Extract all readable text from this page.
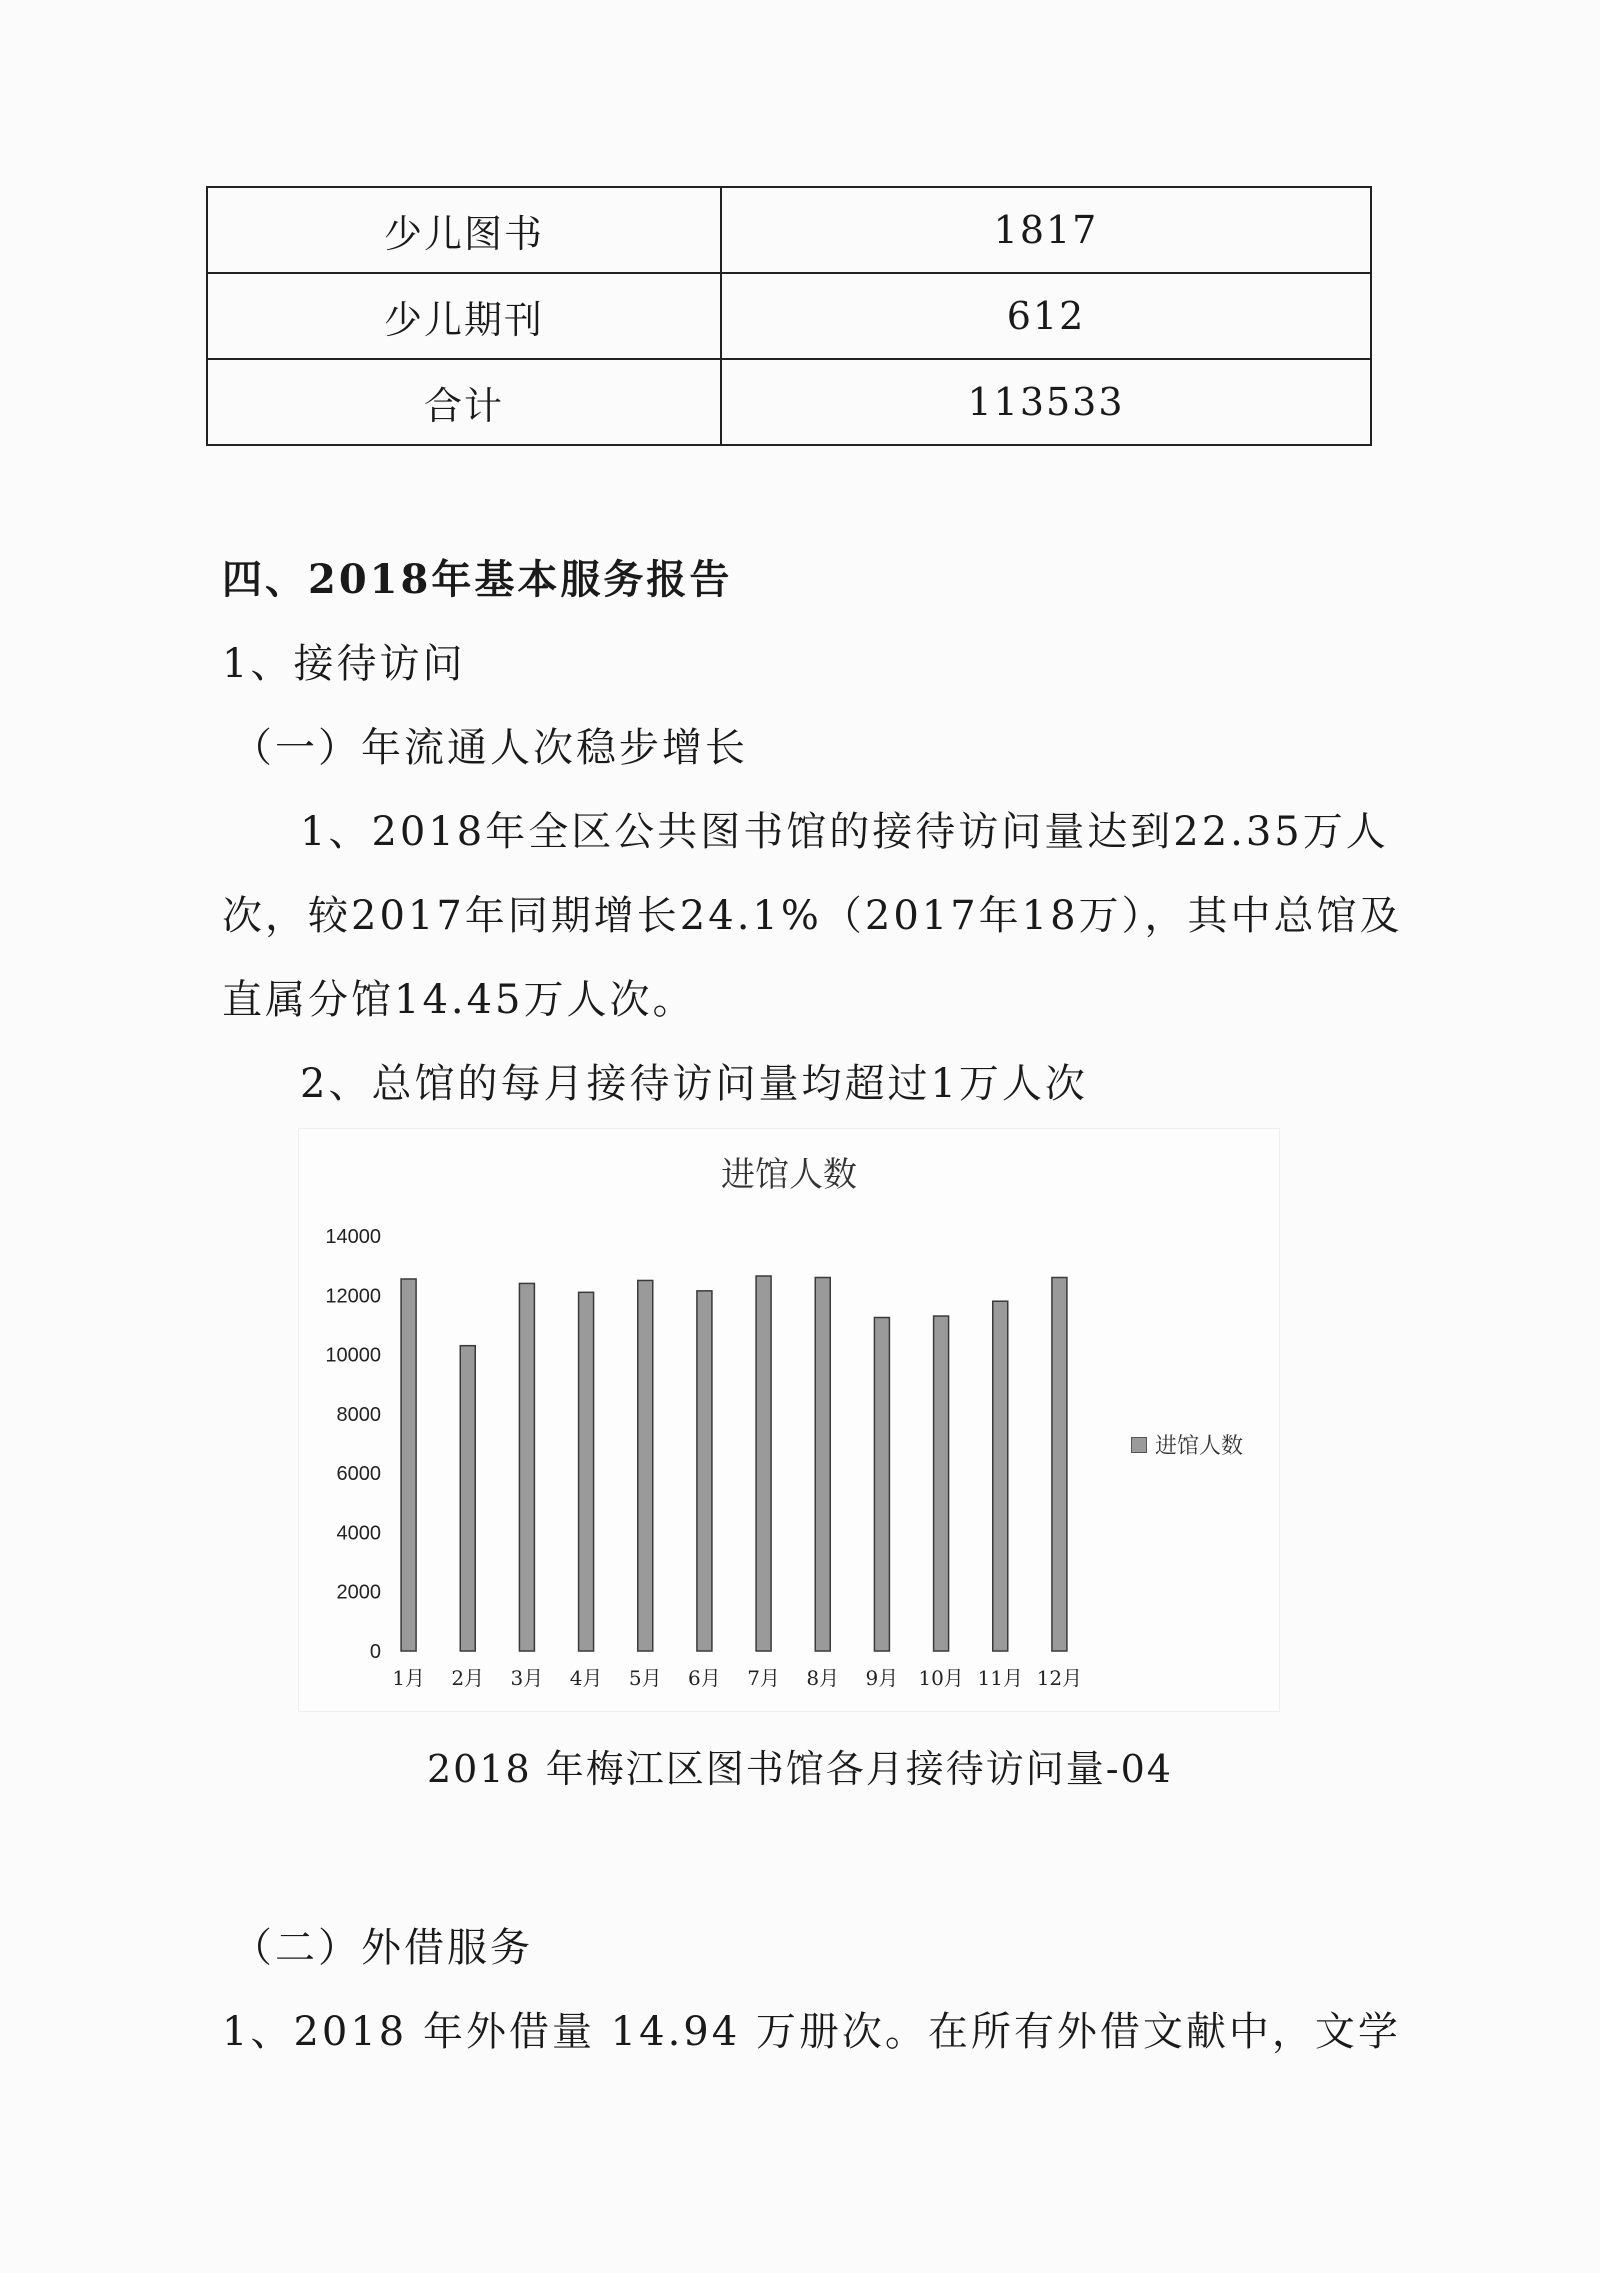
少儿图书	1817
少儿期刊	612
合计	113533

四、2018年基本服务报告

1、接待访问

（一）年流通人次稳步增长

1、2018年全区公共图书馆的接待访问量达到22.35万人

次，较2017年同期增长24.1%（2017年18万），其中总馆及

直属分馆14.45万人次。

2、总馆的每月接待访问量均超过1万人次

进馆人数

0
2000
4000
6000
8000
10000
12000
14000
1月 2月 3月 4月 5月 6月 7月 8月 9月 10月 11月 12月
进馆人数

2018 年梅江区图书馆各月接待访问量-04

（二）外借服务

1、2018 年外借量 14.94 万册次。在所有外借文献中，文学
